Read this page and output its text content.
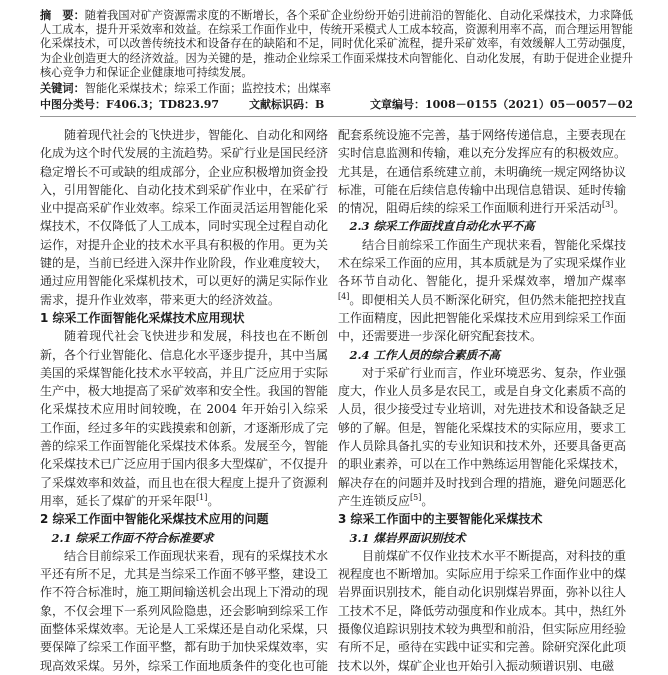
摘　要：随着我国对矿产资源需求度的不断增长，各个采矿企业纷纷开始引进前沿的智能化、自动化采煤技术，力求降低人工成本，提升开采效率和效益。在综采工作面作业中，传统开采模式人工成本较高，资源利用率不高，而合理运用智能化采煤技术，可以改善传统技术和设备存在的缺陷和不足，同时优化采矿流程，提升采矿效率，有效缓解人工劳动强度，为企业创造更大的经济效益。因为关键的是，推动企业综采工作面采煤技术向智能化、自动化发展，有助于促进企业提升核心竞争力和保证企业健康地可持续发展。
关键词：智能化采煤技术；综采工作面；监控技术；出煤率
中图分类号：F406.3；TD823.97	文献标识码：B	文章编号：1008－0155（2021）05－0057－02

随着现代社会的飞快进步，智能化、自动化和网络化成为这个时代发展的主流趋势。采矿行业是国民经济稳定增长不可或缺的组成部分，企业应积极增加资金投入，引用智能化、自动化技术到采矿作业中，在采矿行业中提高采矿作业效率。综采工作面灵活运用智能化采煤技术，不仅降低了人工成本，同时实现全过程自动化运作，对提升企业的技术水平具有积极的作用。更为关键的是，当前已经进入深井作业阶段，作业难度较大，通过应用智能化采煤机技术，可以更好的满足实际作业需求，提升作业效率，带来更大的经济效益。

1 综采工作面智能化采煤技术应用现状

随着现代社会飞快进步和发展，科技也在不断创新，各个行业智能化、信息化水平逐步提升，其中当属美国的采煤智能化技术水平较高，并且广泛应用于实际生产中，极大地提高了采矿效率和安全性。我国的智能化采煤技术应用时间较晚，在 2004 年开始引入综采工作面，经过多年的实践摸索和创新，才逐渐形成了完善的综采工作面智能化采煤技术体系。发展至今，智能化采煤技术已广泛应用于国内很多大型煤矿，不仅提升了采煤效率和效益，而且也在很大程度上提升了资源利用率，延长了煤矿的开采年限[1]。

2 综采工作面中智能化采煤技术应用的问题
2.1 综采工作面不符合标准要求

结合目前综采工作面现状来看，现有的采煤技术水平还有所不足，尤其是当综采工作面不够平整，建设工作不符合标准时，施工期间输送机会出现上下滑动的现象，不仅会埋下一系列风险隐患，还会影响到综采工作面整体采煤效率。无论是人工采煤还是自动化采煤，只要保障了综采工作面平整，都有助于加快采煤效率，实现高效采煤。另外，综采工作面地质条件的变化也可能

配套系统设施不完善，基于网络传递信息，主要表现在实时信息监测和传输，难以充分发挥应有的积极效应。尤其是，在通信系统建立前，未明确统一规定网络协议标准，可能在后续信息传输中出现信息错误、延时传输的情况，阻碍后续的综采工作面顺利进行开采活动[3]。

2.3 综采工作面找直自动化水平不高

结合目前综采工作面生产现状来看，智能化采煤技术在综采工作面的应用，其本质就是为了实现采煤作业各环节自动化、智能化，提升采煤效率，增加产煤率[4]。即便相关人员不断深化研究，但仍然未能把控找直工作面精度，因此把智能化采煤技术应用到综采工作面中，还需要进一步深化研究配套技术。

2.4 工作人员的综合素质不高

对于采矿行业而言，作业环境恶劣、复杂，作业强度大，作业人员多是农民工，或是自身文化素质不高的人员，很少接受过专业培训，对先进技术和设备缺乏足够的了解。但是，智能化采煤技术的实际应用，要求工作人员除具备扎实的专业知识和技术外，还要具备更高的职业素养，可以在工作中熟练运用智能化采煤技术，解决存在的问题并及时找到合理的措施，避免问题恶化产生连锁反应[5]。

3 综采工作面中的主要智能化采煤技术
3.1 煤岩界面识别技术

目前煤矿不仅作业技术水平不断提高，对科技的重视程度也不断增加。实际应用于综采工作面作业中的煤岩界面识别技术，能自动化识别煤岩界面，弥补以往人工技术不足，降低劳动强度和作业成本。其中，热红外摄像仪追踪识别技术较为典型和前沿，但实际应用经验有所不足，亟待在实践中证实和完善。除研究深化此项技术以外，煤矿企业也开始引入振动频谱识别、电磁
